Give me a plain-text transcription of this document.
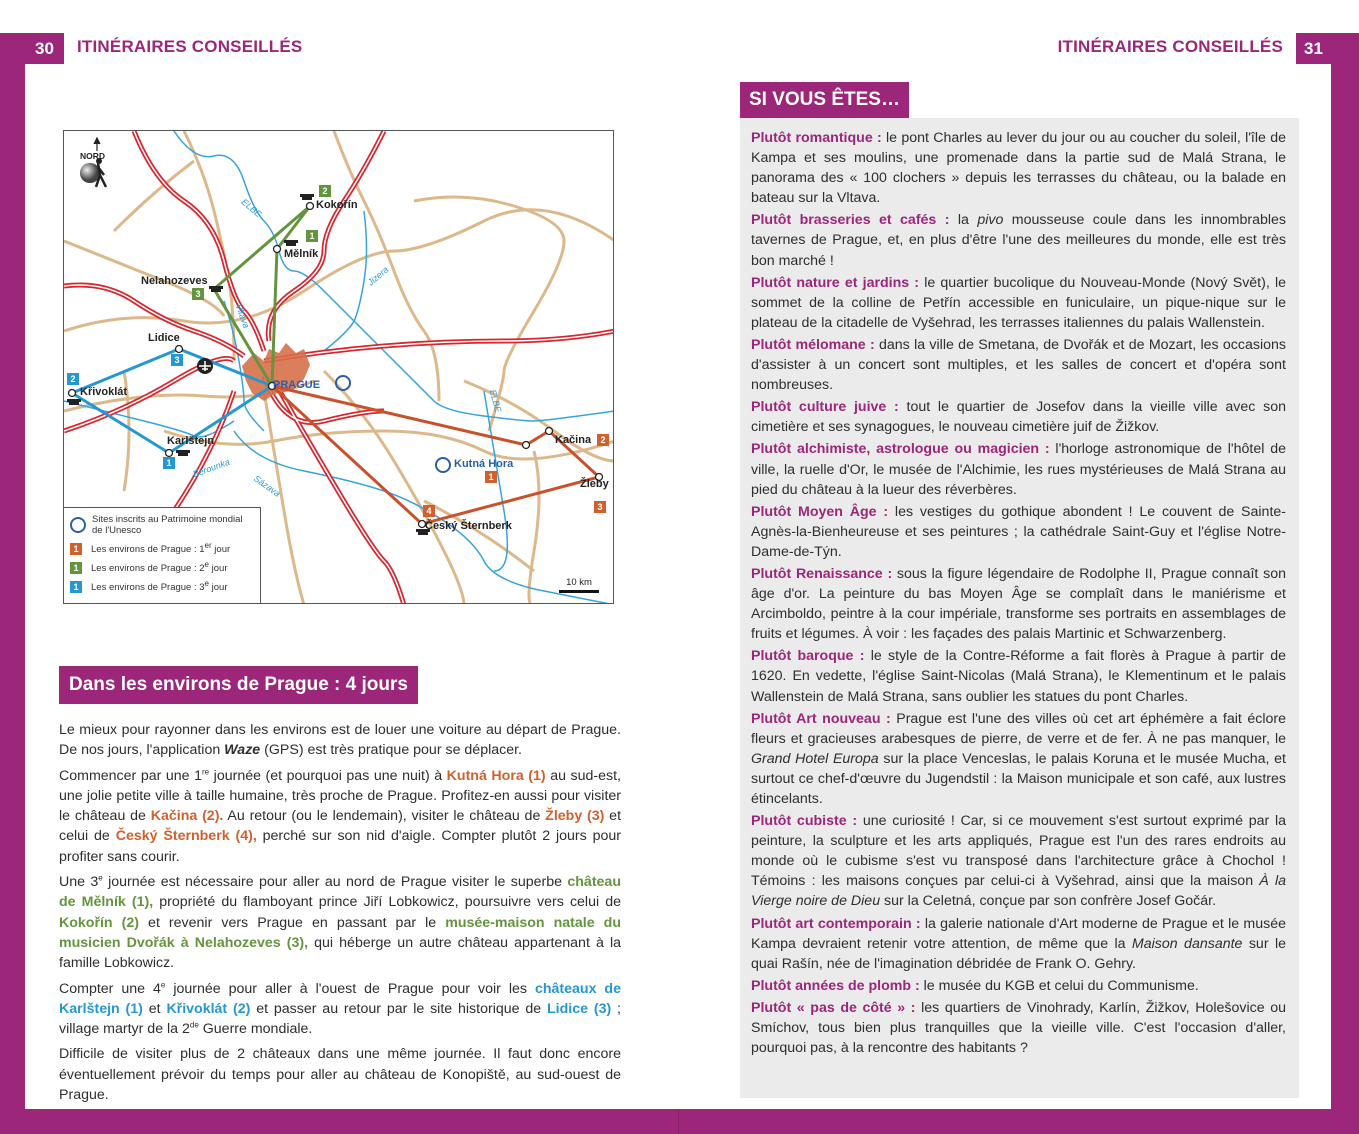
30	ITINÉRAIRES CONSEILLÉS	ITINÉRAIRES CONSEILLÉS	31
NORD
Kokořín
Mělník
Nelahozeves
Lidice
Křivoklát
PRAGUE
Karlštejn	Kačina
Kutná Hora
Žleby
Český Šternberk
ELBE
Vltava
Jizera
ELBE
Berounka
Sázava
2
1
3
3
2
1
2
1
3
4
Sites inscrits au Patrimoine mondial de l'Unesco
1	Les environs de Prague : 1er jour
1	Les environs de Prague : 2e jour
1	Les environs de Prague : 3e jour	10 km
Dans les environs de Prague : 4 jours

Le mieux pour rayonner dans les environs est de louer une voiture au départ de Prague. De nos jours, l'application Waze (GPS) est très pratique pour se déplacer.

Commencer par une 1re journée (et pourquoi pas une nuit) à Kutná Hora (1) au sud-est, une jolie petite ville à taille humaine, très proche de Prague. Profitez-en aussi pour visiter le château de Kačina (2). Au retour (ou le lendemain), visiter le château de Žleby (3) et celui de Český Šternberk (4), perché sur son nid d'aigle. Compter plutôt 2 jours pour profiter sans courir.

Une 3e journée est nécessaire pour aller au nord de Prague visiter le superbe château de Mělník (1), propriété du flamboyant prince Jiří Lobkowicz, poursuivre vers celui de Kokořín (2) et revenir vers Prague en passant par le musée-maison natale du musicien Dvořák à Nelahozeves (3), qui héberge un autre château appartenant à la famille Lobkowicz.

Compter une 4e journée pour aller à l'ouest de Prague pour voir les châteaux de Karlštejn (1) et Křivoklát (2) et passer au retour par le site historique de Lidice (3) ; village martyr de la 2de Guerre mondiale.

Difficile de visiter plus de 2 châteaux dans une même journée. Il faut donc encore éventuellement prévoir du temps pour aller au château de Konopiště, au sud-ouest de Prague.

SI VOUS ÊTES…

Plutôt romantique : le pont Charles au lever du jour ou au coucher du soleil, l'île de Kampa et ses moulins, une promenade dans la partie sud de Malá Strana, le panorama des « 100 clochers » depuis les terrasses du château, ou la balade en bateau sur la Vltava.

Plutôt brasseries et cafés : la pivo mousseuse coule dans les innombrables tavernes de Prague, et, en plus d'être l'une des meilleures du monde, elle est très bon marché !

Plutôt nature et jardins : le quartier bucolique du Nouveau-Monde (Nový Svět), le sommet de la colline de Petřín accessible en funiculaire, un pique-nique sur le plateau de la citadelle de Vyšehrad, les terrasses italiennes du palais Wallenstein.

Plutôt mélomane : dans la ville de Smetana, de Dvořák et de Mozart, les occasions d'assister à un concert sont multiples, et les salles de concert et d'opéra sont nombreuses.

Plutôt culture juive : tout le quartier de Josefov dans la vieille ville avec son cimetière et ses synagogues, le nouveau cimetière juif de Žižkov.

Plutôt alchimiste, astrologue ou magicien : l'horloge astronomique de l'hôtel de ville, la ruelle d'Or, le musée de l'Alchimie, les rues mystérieuses de Malá Strana au pied du château à la lueur des réverbères.

Plutôt Moyen Âge : les vestiges du gothique abondent ! Le couvent de Sainte-Agnès-la-Bienheureuse et ses peintures ; la cathédrale Saint-Guy et l'église Notre-Dame-de-Týn.

Plutôt Renaissance : sous la figure légendaire de Rodolphe II, Prague connaît son âge d'or. La peinture du bas Moyen Âge se complaît dans le maniérisme et Arcimboldo, peintre à la cour impériale, transforme ses portraits en assemblages de fruits et légumes. À voir : les façades des palais Martinic et Schwarzenberg.

Plutôt baroque : le style de la Contre-Réforme a fait florès à Prague à partir de 1620. En vedette, l'église Saint-Nicolas (Malá Strana), le Klementinum et le palais Wallenstein de Malá Strana, sans oublier les statues du pont Charles.

Plutôt Art nouveau : Prague est l'une des villes où cet art éphémère a fait éclore fleurs et gracieuses arabesques de pierre, de verre et de fer. À ne pas manquer, le Grand Hotel Europa sur la place Venceslas, le palais Koruna et le musée Mucha, et surtout ce chef-d'œuvre du Jugendstil : la Maison municipale et son café, aux lustres étincelants.

Plutôt cubiste : une curiosité ! Car, si ce mouvement s'est surtout exprimé par la peinture, la sculpture et les arts appliqués, Prague est l'un des rares endroits au monde où le cubisme s'est vu transposé dans l'architecture grâce à Chochol ! Témoins : les maisons conçues par celui-ci à Vyšehrad, ainsi que la maison À la Vierge noire de Dieu sur la Celetná, conçue par son confrère Josef Gočár.

Plutôt art contemporain : la galerie nationale d'Art moderne de Prague et le musée Kampa devraient retenir votre attention, de même que la Maison dansante sur le quai Rašín, née de l'imagination débridée de Frank O. Gehry.

Plutôt années de plomb : le musée du KGB et celui du Communisme.

Plutôt « pas de côté » : les quartiers de Vinohrady, Karlín, Žižkov, Holešovice ou Smíchov, tous bien plus tranquilles que la vieille ville. C'est l'occasion d'aller, pourquoi pas, à la rencontre des habitants ?
